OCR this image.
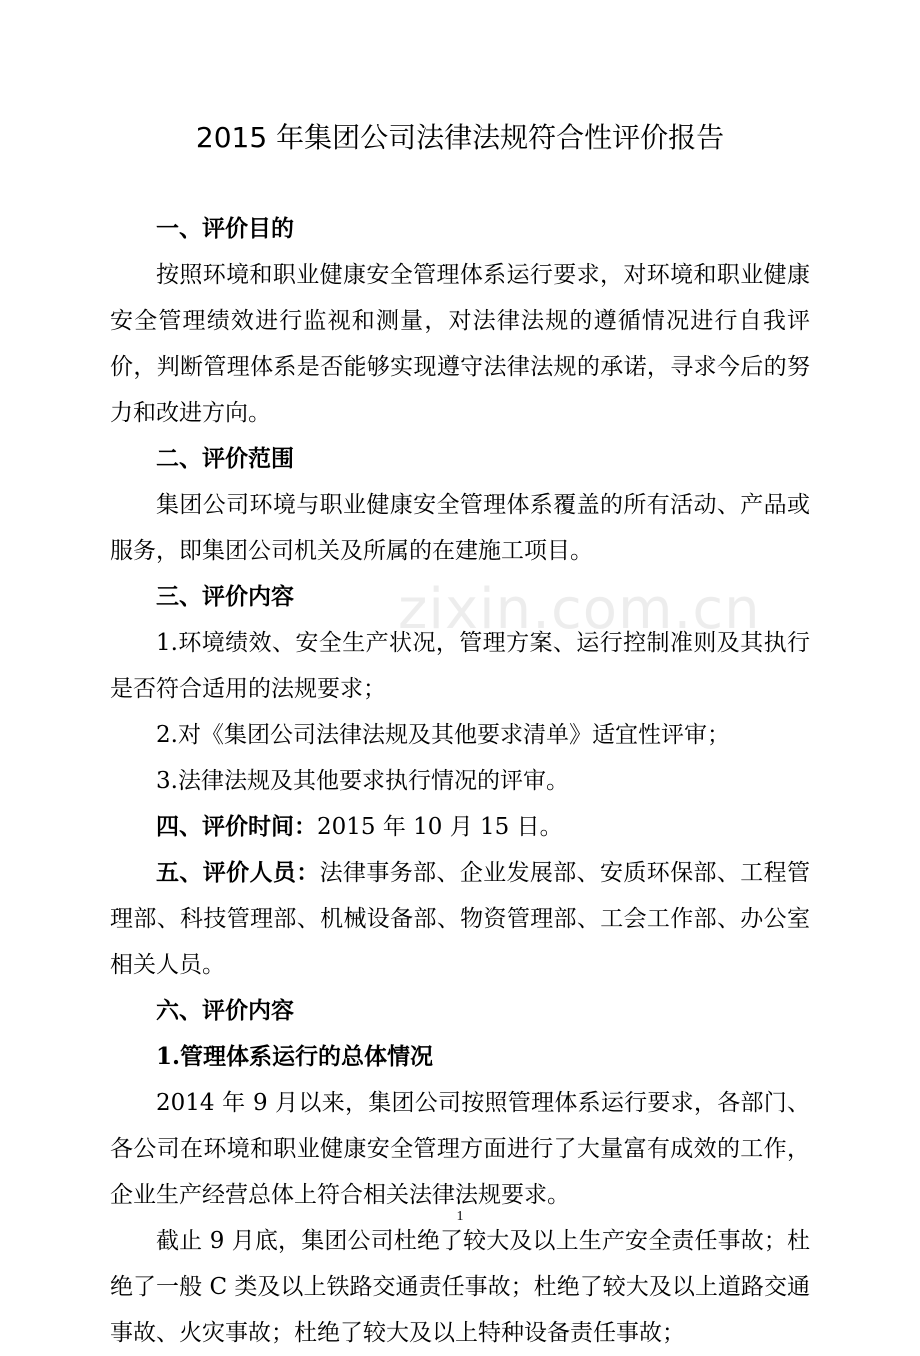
2015 年集团公司法律法规符合性评价报告

一、评价目的

按照环境和职业健康安全管理体系运行要求，对环境和职业健康安全管理绩效进行监视和测量，对法律法规的遵循情况进行自我评价，判断管理体系是否能够实现遵守法律法规的承诺，寻求今后的努力和改进方向。

二、评价范围

集团公司环境与职业健康安全管理体系覆盖的所有活动、产品或服务，即集团公司机关及所属的在建施工项目。

三、评价内容

1.环境绩效、安全生产状况，管理方案、运行控制准则及其执行是否符合适用的法规要求；

2.对《集团公司法律法规及其他要求清单》适宜性评审；

3.法律法规及其他要求执行情况的评审。

四、评价时间：2015 年 10 月 15 日。

五、评价人员：法律事务部、企业发展部、安质环保部、工程管理部、科技管理部、机械设备部、物资管理部、工会工作部、办公室相关人员。

六、评价内容

1.管理体系运行的总体情况

2014 年 9 月以来，集团公司按照管理体系运行要求，各部门、各公司在环境和职业健康安全管理方面进行了大量富有成效的工作，企业生产经营总体上符合相关法律法规要求。

截止 9 月底，集团公司杜绝了较大及以上生产安全责任事故；杜绝了一般 C 类及以上铁路交通责任事故；杜绝了较大及以上道路交通事故、火灾事故；杜绝了较大及以上特种设备责任事故；

zixin.com.cn
1
